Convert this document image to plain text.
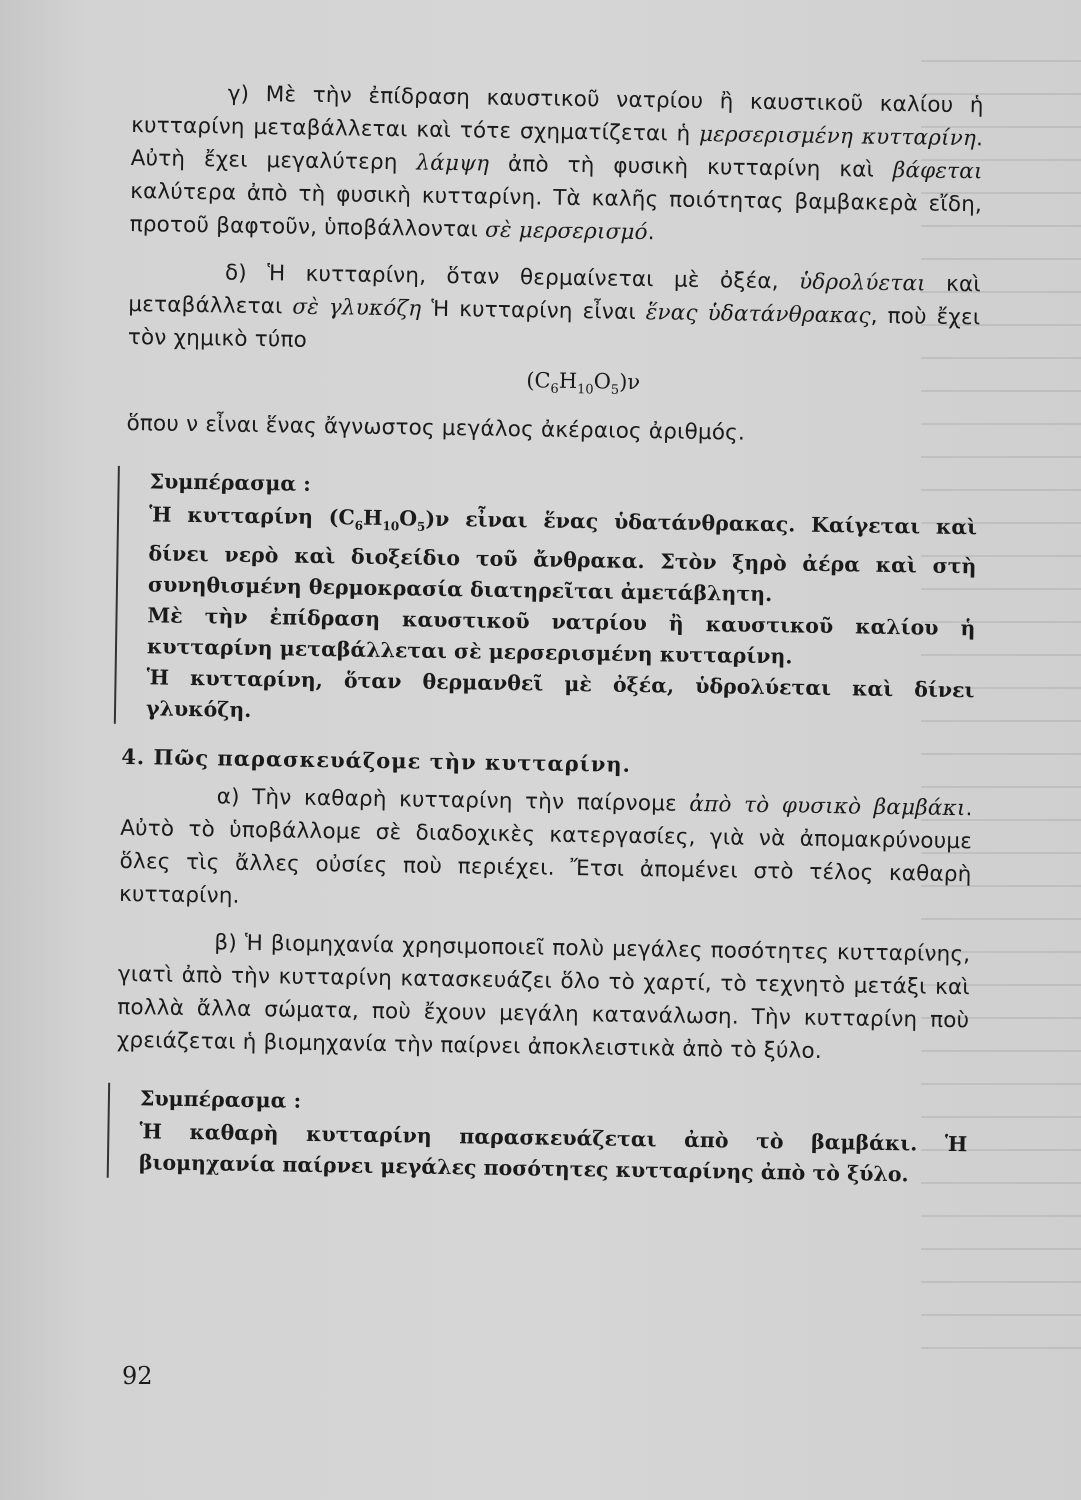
γ) Μὲ τὴν ἐπίδραση καυστικοῦ νατρίου ἢ καυστικοῦ καλίου ἡ κυτταρίνη μεταβάλλεται καὶ τότε σχηματίζεται ἡ μερσερισμένη κυτταρίνη. Αὐτὴ ἔχει μεγαλύτερη λάμψη ἀπὸ τὴ φυσικὴ κυτταρίνη καὶ βάφεται καλύτερα ἀπὸ τὴ φυσικὴ κυτταρίνη. Τὰ καλῆς ποιότητας βαμβακερὰ εἴδη, προτοῦ βαφτοῦν, ὑποβάλλονται σὲ μερσερισμό.

δ) Ἡ κυτταρίνη, ὅταν θερμαίνεται μὲ ὀξέα, ὑδρολύεται καὶ μεταβάλλεται σὲ γλυκόζη Ἡ κυτταρίνη εἶναι ἕνας ὑδατάνθρακας, ποὺ ἔχει τὸν χημικὸ τύπο

$(C_6H_{10}O_5)\nu$

ὅπου ν εἶναι ἕνας ἄγνωστος μεγάλος ἀκέραιος ἀριθμός.

Συμπέρασμα :

Ἡ κυτταρίνη $(C_6H_{10}O_5)\nu$ εἶναι ἕνας ὑδατάνθρακας. Καίγεται καὶ δίνει νερὸ καὶ διοξείδιο τοῦ ἄνθρακα. Στὸν ξηρὸ ἀέρα καὶ στὴ συνηθισμένη θερμοκρασία διατηρεῖται ἀμετάβλητη.

Μὲ τὴν ἐπίδραση καυστικοῦ νατρίου ἢ καυστικοῦ καλίου ἡ κυτταρίνη μεταβάλλεται σὲ μερσερισμένη κυτταρίνη.

Ἡ κυτταρίνη, ὅταν θερμανθεῖ μὲ ὀξέα, ὑδρολύεται καὶ δίνει γλυκόζη.

4. Πῶς παρασκευάζομε τὴν κυτταρίνη.

α) Τὴν καθαρὴ κυτταρίνη τὴν παίρνομε ἀπὸ τὸ φυσικὸ βαμβάκι. Αὐτὸ τὸ ὑποβάλλομε σὲ διαδοχικὲς κατεργασίες, γιὰ νὰ ἀπομακρύνουμε ὅλες τὶς ἄλλες οὐσίες ποὺ περιέχει. Ἔτσι ἀπομένει στὸ τέλος καθαρὴ κυτταρίνη.

β) Ἡ βιομηχανία χρησιμοποιεῖ πολὺ μεγάλες ποσότητες κυτταρίνης, γιατὶ ἀπὸ τὴν κυτταρίνη κατασκευάζει ὅλο τὸ χαρτί, τὸ τεχνητὸ μετάξι καὶ πολλὰ ἄλλα σώματα, ποὺ ἔχουν μεγάλη κατανάλωση. Τὴν κυτταρίνη ποὺ χρειάζεται ἡ βιομηχανία τὴν παίρνει ἀποκλειστικὰ ἀπὸ τὸ ξύλο.

Συμπέρασμα :

Ἡ καθαρὴ κυτταρίνη παρασκευάζεται ἀπὸ τὸ βαμβάκι. Ἡ βιομηχανία παίρνει μεγάλες ποσότητες κυτταρίνης ἀπὸ τὸ ξύλο.

92
